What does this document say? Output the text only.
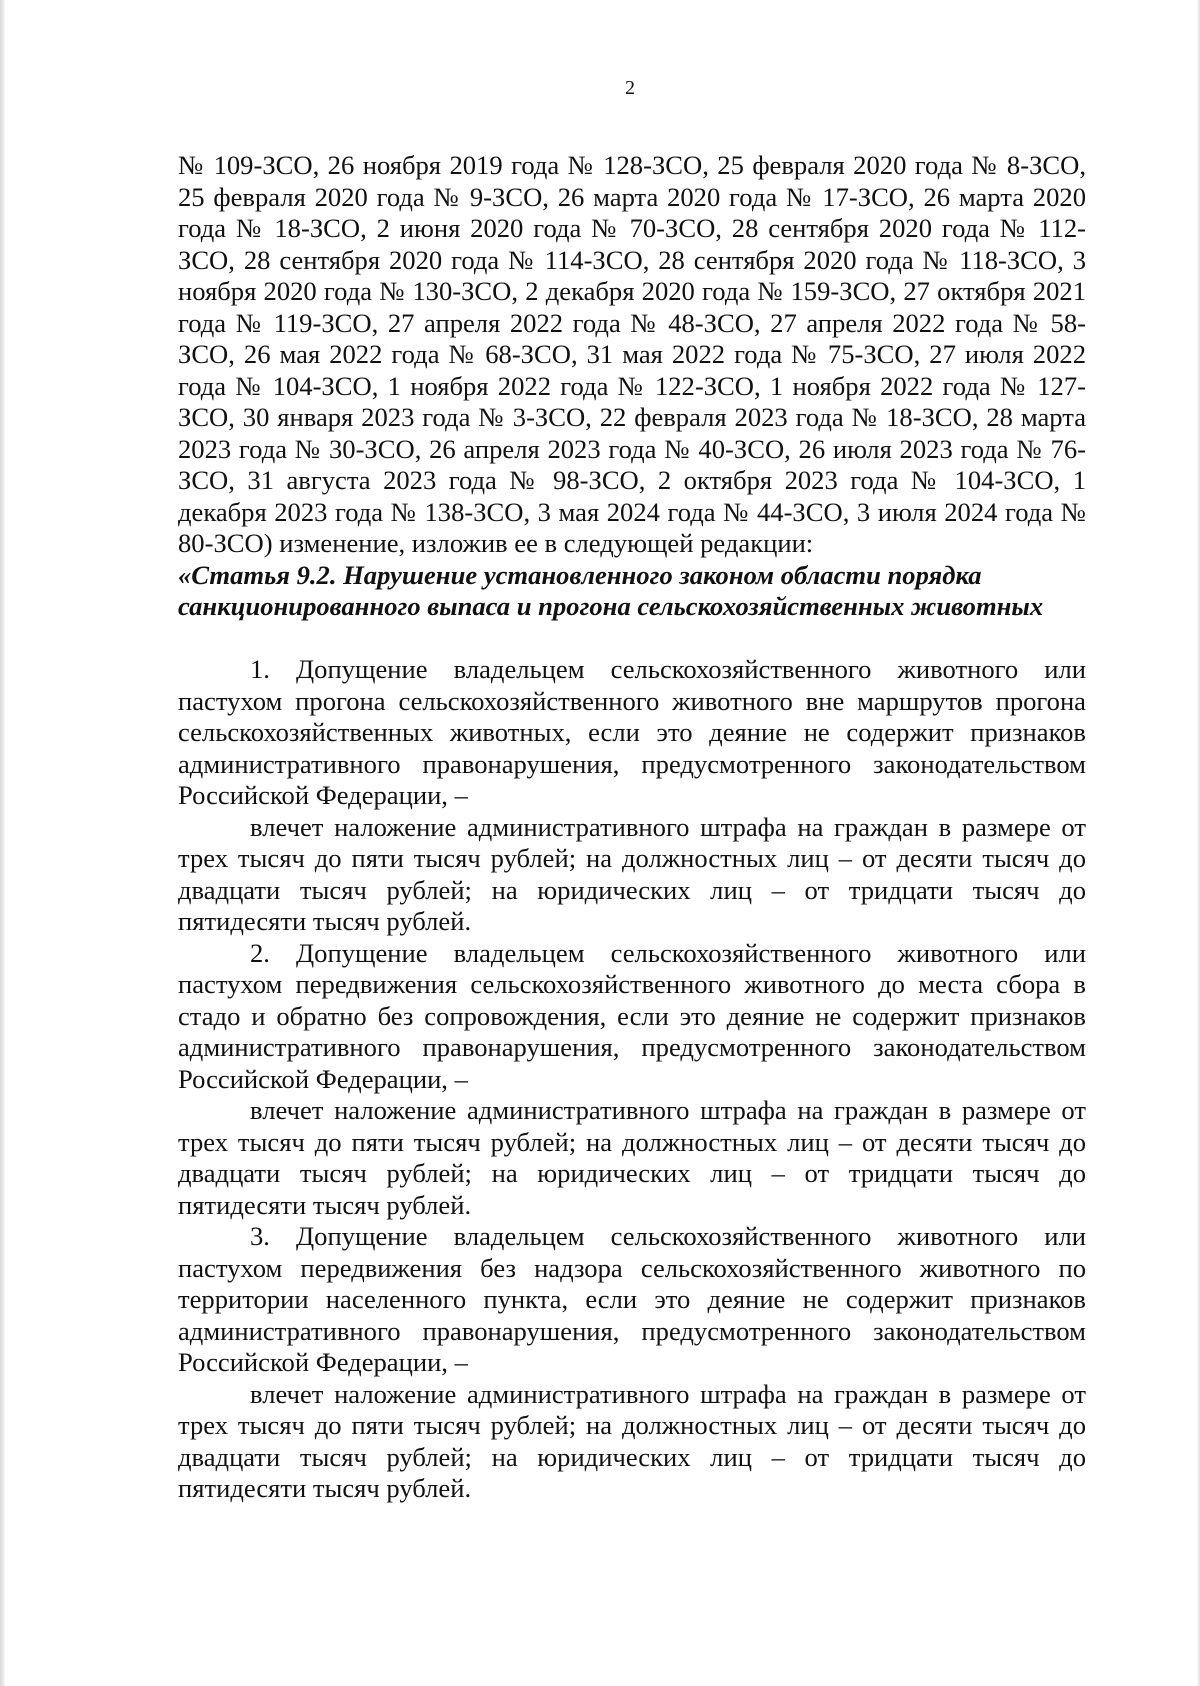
2

№ 109-ЗСО, 26 ноября 2019 года № 128-ЗСО, 25 февраля 2020 года № 8-ЗСО, 25 февраля 2020 года № 9-ЗСО, 26 марта 2020 года № 17-ЗСО, 26 марта 2020 года № 18-ЗСО, 2 июня 2020 года № 70-ЗСО, 28 сентября 2020 года № 112-ЗСО, 28 сентября 2020 года № 114-ЗСО, 28 сентября 2020 года № 118-ЗСО, 3 ноября 2020 года № 130-ЗСО, 2 декабря 2020 года № 159-ЗСО, 27 октября 2021 года № 119-ЗСО, 27 апреля 2022 года № 48-ЗСО, 27 апреля 2022 года № 58-ЗСО, 26 мая 2022 года № 68-ЗСО, 31 мая 2022 года № 75-ЗСО, 27 июля 2022 года № 104-ЗСО, 1 ноября 2022 года № 122-ЗСО, 1 ноября 2022 года № 127-ЗСО, 30 января 2023 года № 3-ЗСО, 22 февраля 2023 года № 18-ЗСО, 28 марта 2023 года № 30-ЗСО, 26 апреля 2023 года № 40-ЗСО, 26 июля 2023 года № 76-ЗСО, 31 августа 2023 года № 98-ЗСО, 2 октября 2023 года № 104-ЗСО, 1 декабря 2023 года № 138-ЗСО, 3 мая 2024 года № 44-ЗСО, 3 июля 2024 года № 80-ЗСО) изменение, изложив ее в следующей редакции:

«Статья 9.2. Нарушение установленного законом области порядка

санкционированного выпаса и прогона сельскохозяйственных животных

1. Допущение владельцем сельскохозяйственного животного или пастухом прогона сельскохозяйственного животного вне маршрутов прогона сельскохозяйственных животных, если это деяние не содержит признаков административного правонарушения, предусмотренного законодательством Российской Федерации, –

влечет наложение административного штрафа на граждан в размере от трех тысяч до пяти тысяч рублей; на должностных лиц – от десяти тысяч до двадцати тысяч рублей; на юридических лиц – от тридцати тысяч до пятидесяти тысяч рублей.

2. Допущение владельцем сельскохозяйственного животного или пастухом передвижения сельскохозяйственного животного до места сбора в стадо и обратно без сопровождения, если это деяние не содержит признаков административного правонарушения, предусмотренного законодательством Российской Федерации, –

влечет наложение административного штрафа на граждан в размере от трех тысяч до пяти тысяч рублей; на должностных лиц – от десяти тысяч до двадцати тысяч рублей; на юридических лиц – от тридцати тысяч до пятидесяти тысяч рублей.

3. Допущение владельцем сельскохозяйственного животного или пастухом передвижения без надзора сельскохозяйственного животного по территории населенного пункта, если это деяние не содержит признаков административного правонарушения, предусмотренного законодательством Российской Федерации, –

влечет наложение административного штрафа на граждан в размере от трех тысяч до пяти тысяч рублей; на должностных лиц – от десяти тысяч до двадцати тысяч рублей; на юридических лиц – от тридцати тысяч до пятидесяти тысяч рублей.
